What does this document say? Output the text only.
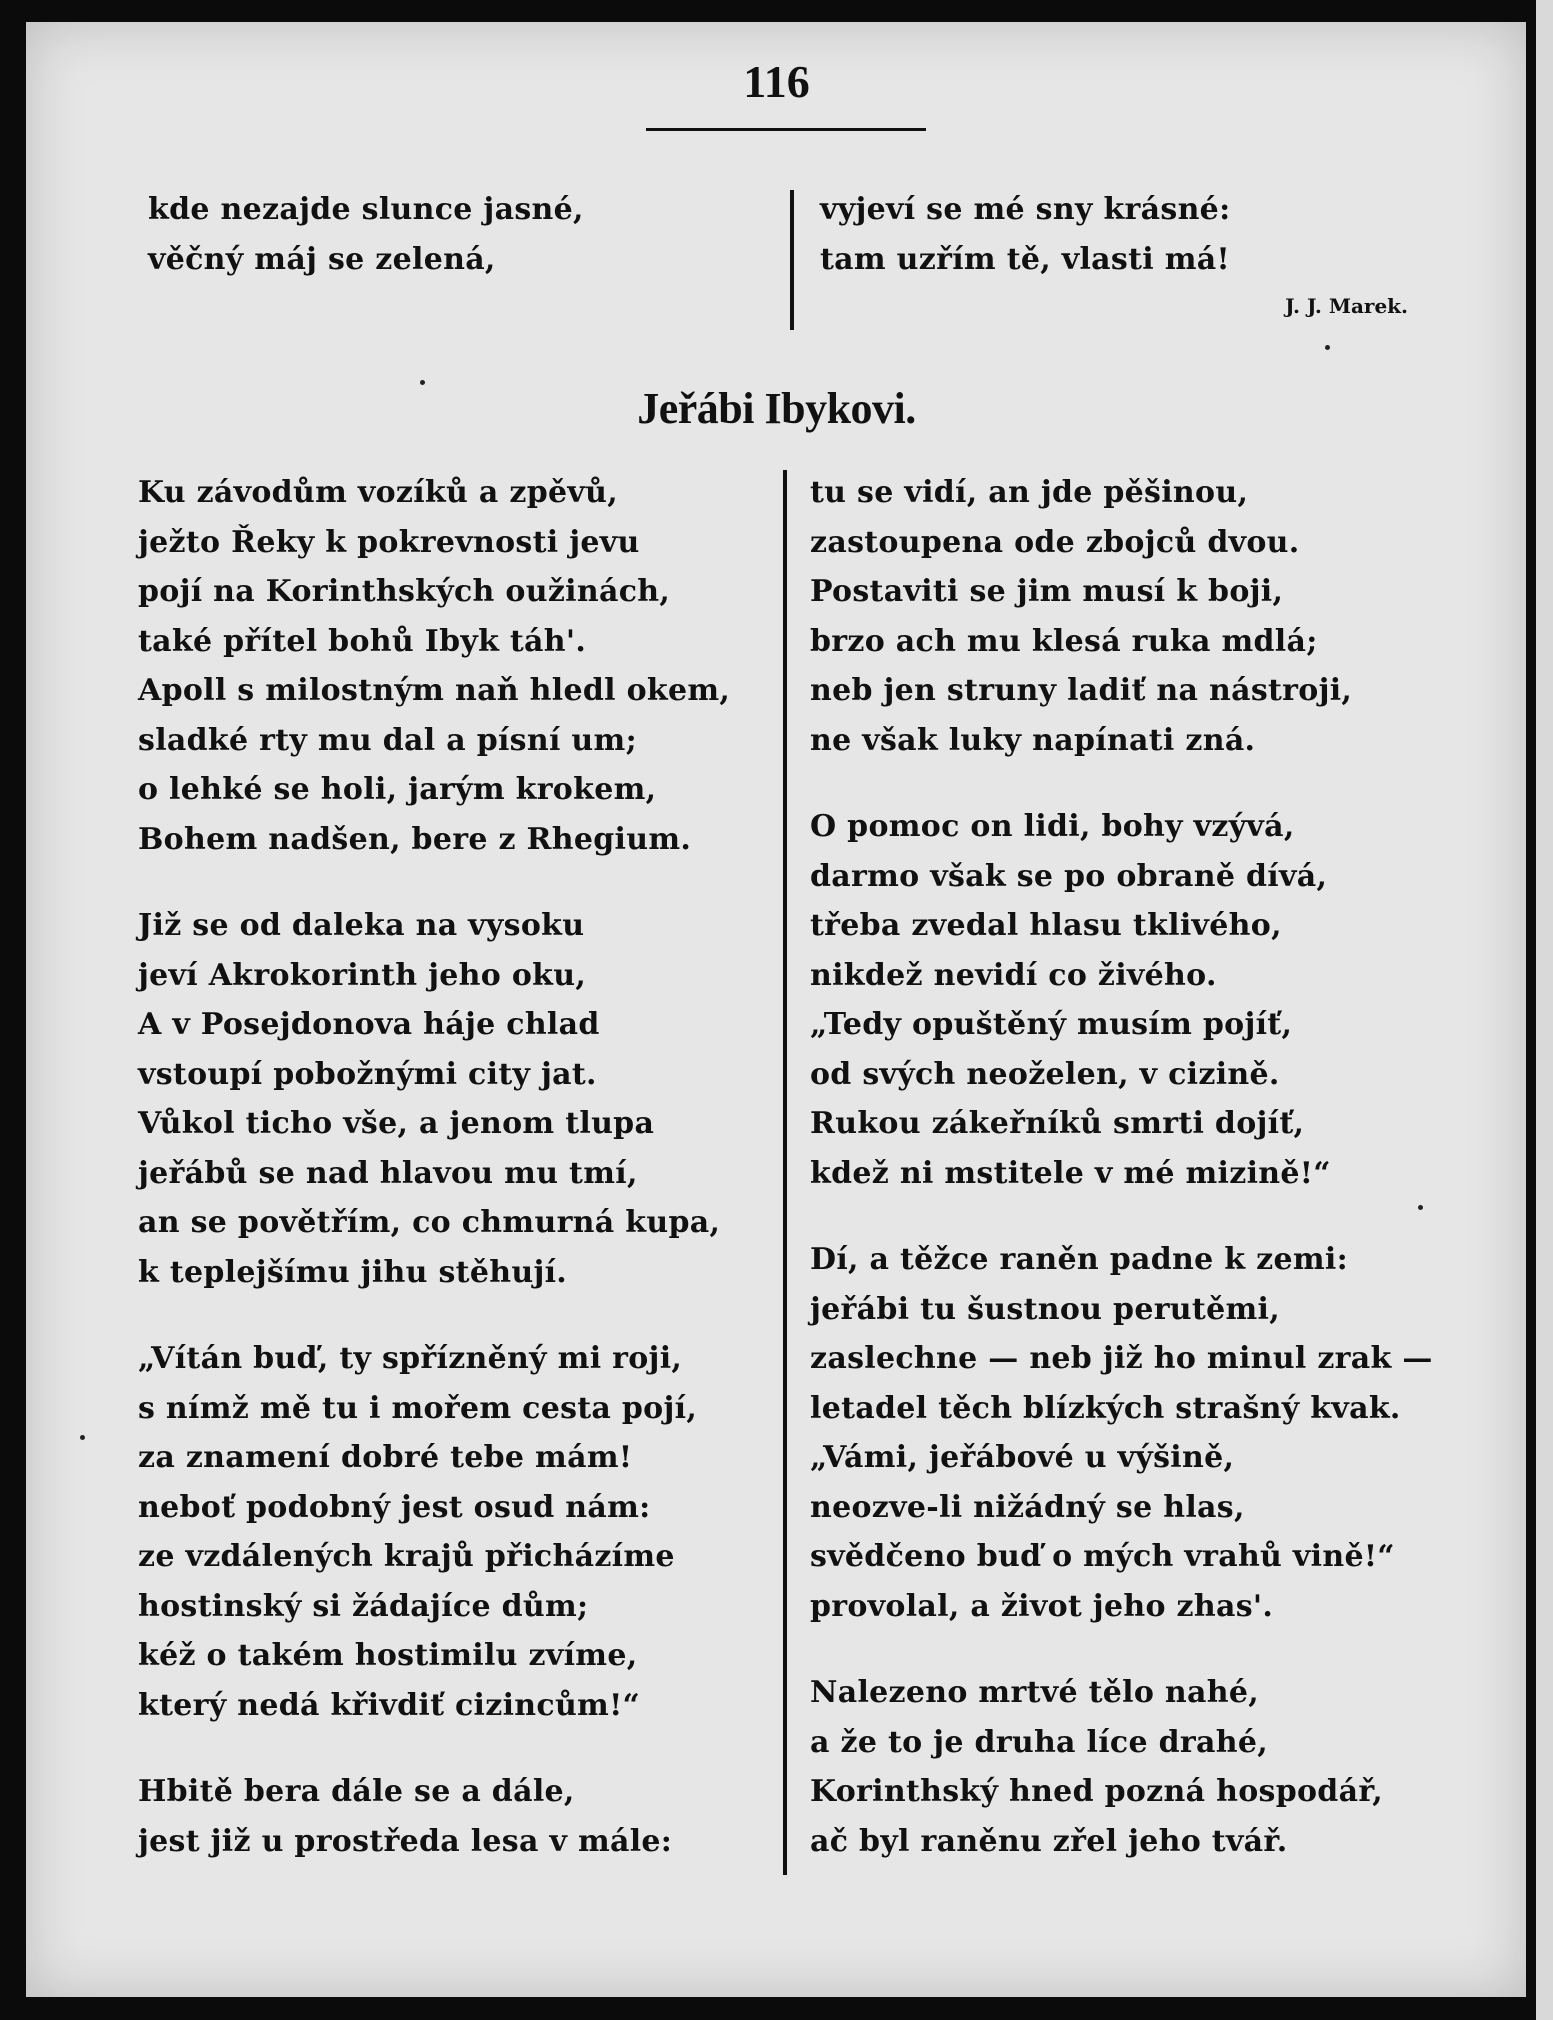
116
kde nezajde slunce jasné,
věčný máj se zelená,
vyjeví se mé sny krásné:
tam uzřím tě, vlasti má!
J. J. Marek.
Jeřábi Ibykovi.
Ku závodům vozíků a zpěvů,
ježto Řeky k pokrevnosti jevu
pojí na Korinthských oužinách,
také přítel bohů Ibyk táh'.
Apoll s milostným naň hledl okem,
sladké rty mu dal a písní um;
o lehké se holi, jarým krokem,
Bohem nadšen, bere z Rhegium.
Již se od daleka na vysoku
jeví Akrokorinth jeho oku,
A v Posejdonova háje chlad
vstoupí pobožnými city jat.
Vůkol ticho vše, a jenom tlupa
jeřábů se nad hlavou mu tmí,
an se povětřím, co chmurná kupa,
k teplejšímu jihu stěhují.
„Vítán buď, ty spřízněný mi roji,
s nímž mě tu i mořem cesta pojí,
za znamení dobré tebe mám!
neboť podobný jest osud nám:
ze vzdálených krajů přicházíme
hostinský si žádajíce dům;
kéž o takém hostimilu zvíme,
který nedá křivdiť cizincům!“
Hbitě bera dále se a dále,
jest již u prostředa lesa v mále:
tu se vidí, an jde pěšinou,
zastoupena ode zbojců dvou.
Postaviti se jim musí k boji,
brzo ach mu klesá ruka mdlá;
neb jen struny ladiť na nástroji,
ne však luky napínati zná.
O pomoc on lidi, bohy vzývá,
darmo však se po obraně dívá,
třeba zvedal hlasu tklivého,
nikdež nevidí co živého.
„Tedy opuštěný musím pojíť,
od svých neoželen, v cizině.
Rukou zákeřníků smrti dojíť,
kdež ni mstitele v mé mizině!“
Dí, a těžce raněn padne k zemi:
jeřábi tu šustnou perutěmi,
zaslechne — neb již ho minul zrak —
letadel těch blízkých strašný kvak.
„Vámi, jeřábové u výšině,
neozve-li nižádný se hlas,
svědčeno buď o mých vrahů vině!“
provolal, a život jeho zhas'.
Nalezeno mrtvé tělo nahé,
a že to je druha líce drahé,
Korinthský hned pozná hospodář,
ač byl raněnu zřel jeho tvář.
